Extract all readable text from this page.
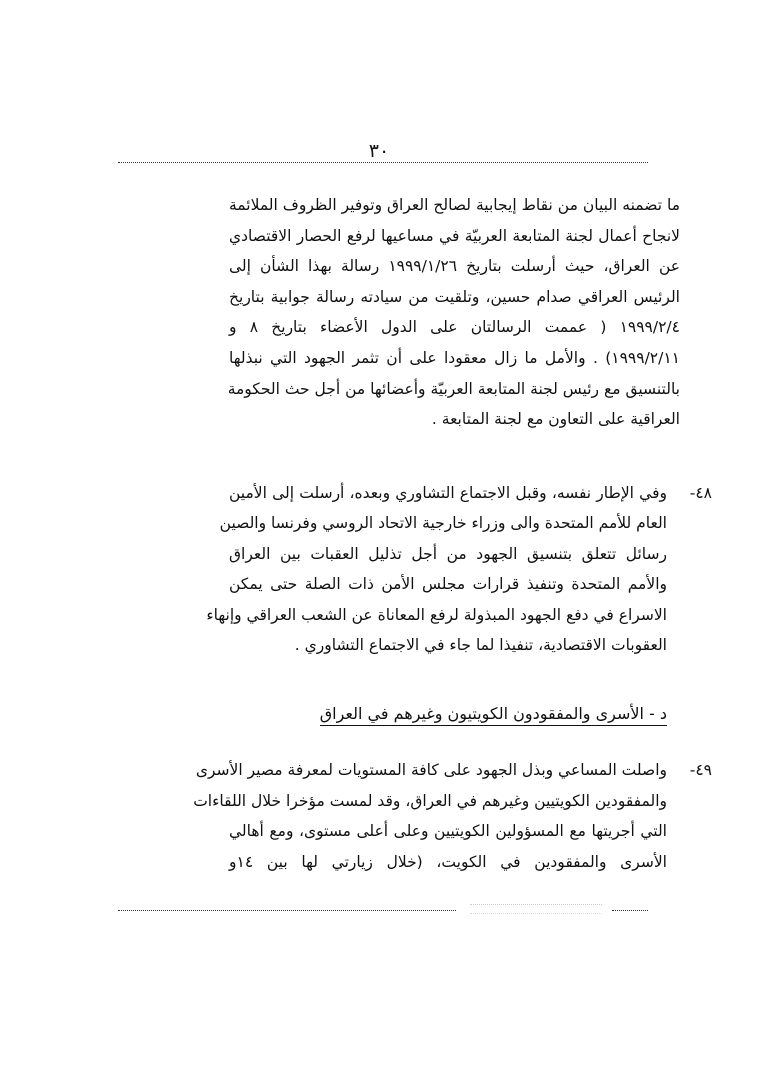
٣٠
ما تضمنه البيان من نقاط إيجابية لصالح العراق وتوفير الظروف الملائمة
لانجاح أعمال لجنة المتابعة العربيّة في مساعيها لرفع الحصار الاقتصادي
عن العراق، حيث أرسلت بتاريخ ١٩٩٩/١/٢٦ رسالة بهذا الشأن إلى
الرئيس العراقي صدام حسين، وتلقيت من سيادته رسالة جوابية بتاريخ
١٩٩٩/٢/٤ ( عممت الرسالتان على الدول الأعضاء بتاريخ ٨ و
١٩٩٩/٢/١١) . والأمل ما زال معقودا على أن تثمر الجهود التي نبذلها
بالتنسيق مع رئيس لجنة المتابعة العربيّة وأعضائها من أجل حث الحكومة
العراقية على التعاون مع لجنة المتابعة .
٤٨-
وفي الإطار نفسه، وقبل الاجتماع التشاوري وبعده، أرسلت إلى الأمين
العام للأمم المتحدة والى وزراء خارجية الاتحاد الروسي وفرنسا والصين
رسائل تتعلق بتنسيق الجهود من أجل تذليل العقبات بين العراق
والأمم المتحدة وتنفيذ قرارات مجلس الأمن ذات الصلة حتى يمكن
الاسراع في دفع الجهود المبذولة لرفع المعاناة عن الشعب العراقي وإنهاء
العقوبات الاقتصادية، تنفيذا لما جاء في الاجتماع التشاوري .
د - الأسرى والمفقودون الكويتيون وغيرهم في العراق
٤٩-
واصلت المساعي وبذل الجهود على كافة المستويات لمعرفة مصير الأسرى
والمفقودين الكويتيين وغيرهم في العراق، وقد لمست مؤخرا خلال اللقاءات
التي أجريتها مع المسؤولين الكويتيين وعلى أعلى مستوى، ومع أهالي
الأسرى والمفقودين في الكويت، (خلال زيارتي لها بين ١٤و
